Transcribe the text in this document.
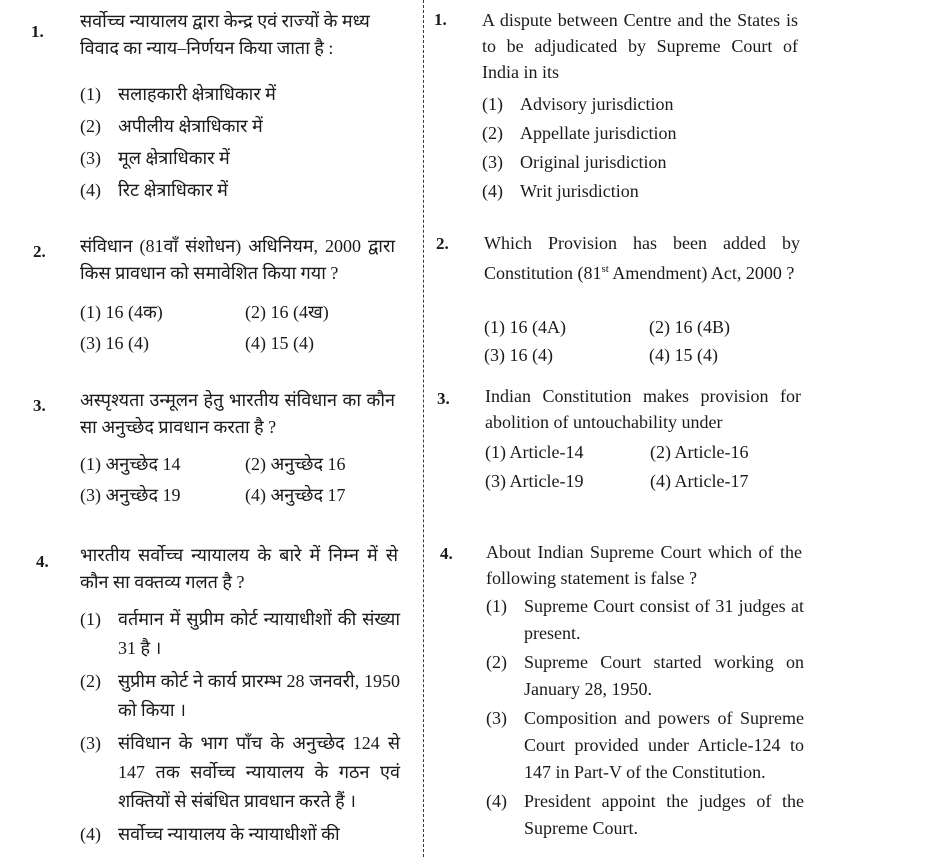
1.
सर्वोच्च न्यायालय द्वारा केन्द्र एवं राज्यों के मध्य विवाद का न्याय–निर्णयन किया जाता है :
(1) सलाहकारी क्षेत्राधिकार में
(2) अपीलीय क्षेत्राधिकार में
(3) मूल क्षेत्राधिकार में
(4) रिट क्षेत्राधिकार में
2. संविधान (81वाँ संशोधन) अधिनियम, 2000 द्वारा किस प्रावधान को समावेशित किया गया ?
(1) 16 (4क)	(2) 16 (4ख)
(3) 16 (4)	(4) 15 (4)
3. अस्पृश्यता उन्मूलन हेतु भारतीय संविधान का कौन सा अनुच्छेद प्रावधान करता है ?
(1) अनुच्छेद 14	(2) अनुच्छेद 16
(3) अनुच्छेद 19	(4) अनुच्छेद 17
4. भारतीय सर्वोच्च न्यायालय के बारे में निम्न में से कौन सा वक्तव्य गलत है ?
(1) वर्तमान में सुप्रीम कोर्ट न्यायाधीशों की संख्या 31 है ।
(2) सुप्रीम कोर्ट ने कार्य प्रारम्भ 28 जनवरी, 1950 को किया ।
(3) संविधान के भाग पाँच के अनुच्छेद 124 से 147 तक सर्वोच्च न्यायालय के गठन एवं शक्तियों से संबंधित प्रावधान करते हैं ।
(4) सर्वोच्च न्यायालय के न्यायाधीशों की
1. A dispute between Centre and the States is to be adjudicated by Supreme Court of India in its
(1) Advisory jurisdiction
(2) Appellate jurisdiction
(3) Original jurisdiction
(4) Writ jurisdiction
2. Which Provision has been added by Constitution (81st Amendment) Act, 2000 ?
(1) 16 (4A)	(2) 16 (4B)
(3) 16 (4)	(4) 15 (4)
3. Indian Constitution makes provision for abolition of untouchability under
(1) Article-14	(2) Article-16
(3) Article-19	(4) Article-17
4. About Indian Supreme Court which of the following statement is false ?
(1) Supreme Court consist of 31 judges at present.
(2) Supreme Court started working on January 28, 1950.
(3) Composition and powers of Supreme Court provided under Article-124 to 147 in Part-V of the Constitution.
(4) President appoint the judges of the Supreme Court.
